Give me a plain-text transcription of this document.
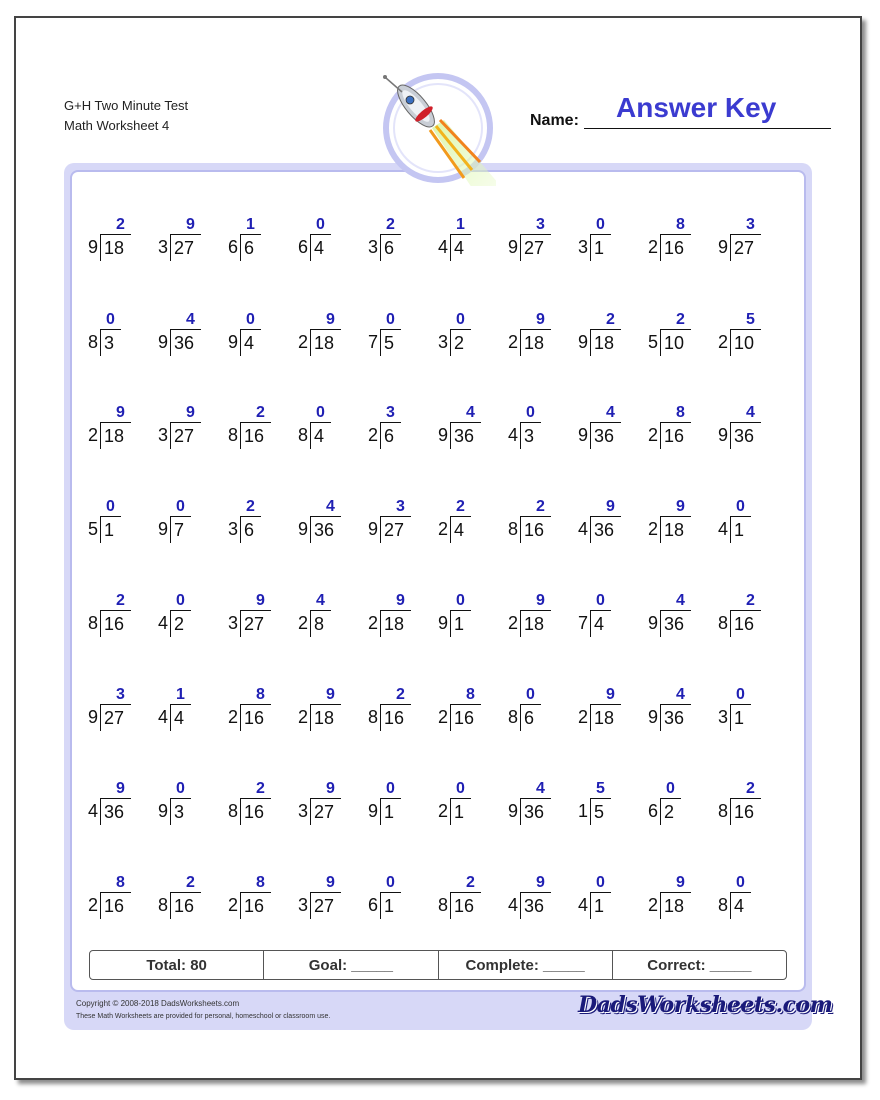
G+H Two Minute Test
Math Worksheet 4	Name: Answer Key
Total: 80	Goal: _____	Complete: _____	Correct: _____
Copyright © 2008-2018 DadsWorksheets.com
These Math Worksheets are provided for personal, homeschool or classroom use.	DadsWorksheets.com
2
9 18
9
3 27
1
6 6
0
6 4
2
3 6
1
4 4
3
9 27
0
3 1
8
2 16
3
9 27
0
8 3
4
9 36
0
9 4
9
2 18
0
7 5
0
3 2
9
2 18
2
9 18
2
5 10
5
2 10
9
2 18
9
3 27
2
8 16
0
8 4
3
2 6
4
9 36
0
4 3
4
9 36
8
2 16
4
9 36
0
5 1
0
9 7
2
3 6
4
9 36
3
9 27
2
2 4
2
8 16
9
4 36
9
2 18
0
4 1
2
8 16
0
4 2
9
3 27
4
2 8
9
2 18
0
9 1
9
2 18
0
7 4
4
9 36
2
8 16
3
9 27
1
4 4
8
2 16
9
2 18
2
8 16
8
2 16
0
8 6
9
2 18
4
9 36
0
3 1
9
4 36
0
9 3
2
8 16
9
3 27
0
9 1
0
2 1
4
9 36
5
1 5
0
6 2
2
8 16
8
2 16
2
8 16
8
2 16
9
3 27
0
6 1
2
8 16
9
4 36
0
4 1
9
2 18
0
8 4
